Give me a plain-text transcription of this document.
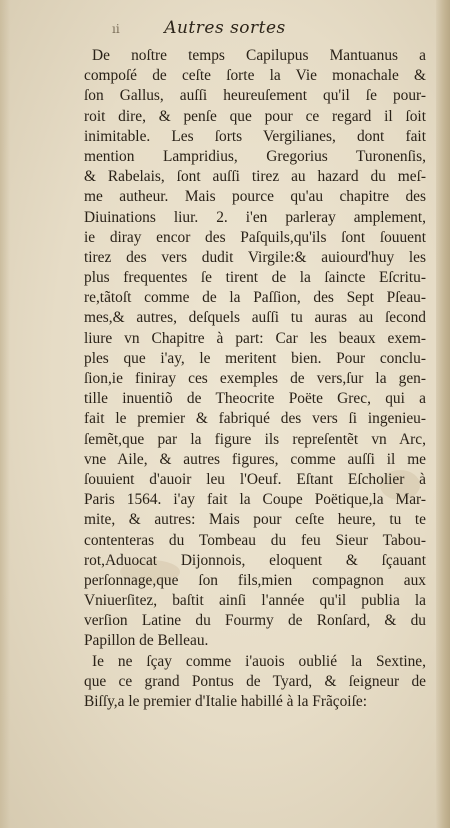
ıi	Autres sortes
De noſtre temps Capilupus Mantuanus a
compoſé de ceſte ſorte la Vie monachale &
ſon Gallus, auſſi heureuſement qu'il ſe pour-
roit dire, & penſe que pour ce regard il ſoit
inimitable. Les ſorts Vergilianes, dont fait
mention Lampridius, Gregorius Turonenſis,
& Rabelais, ſont auſſi tirez au hazard du meſ-
me autheur. Mais pource qu'au chapitre des
Diuinations liur. 2. i'en parleray amplement,
ie diray encor des Paſquils,qu'ils ſont ſouuent
tirez des vers dudit Virgile:& auiourd'huy les
plus frequentes ſe tirent de la ſaincte Eſcritu-
re,tãtoſt comme de la Paſſion, des Sept Pſeau-
mes,& autres, deſquels auſſi tu auras au ſecond
liure vn Chapitre à part: Car les beaux exem-
ples que i'ay, le meritent bien. Pour conclu-
ſion,ie finiray ces exemples de vers,ſur la gen-
tille inuentiõ de Theocrite Poëte Grec, qui a
fait le premier & fabriqué des vers ſi ingenieu-
ſemẽt,que par la figure ils repreſentẽt vn Arc,
vne Aile, & autres figures, comme auſſi il me
ſouuient d'auoir leu l'Oeuf. Eſtant Eſcholier à
Paris 1564. i'ay fait la Coupe Poëtique,la Mar-
mite, & autres: Mais pour ceſte heure, tu te
contenteras du Tombeau du feu Sieur Tabou-
rot,Aduocat Dijonnois, eloquent & ſçauant
perſonnage,que ſon fils,mien compagnon aux
Vniuerſitez, baſtit ainſi l'année qu'il publia la
verſion Latine du Fourmy de Ronſard, & du
Papillon de Belleau.
Ie ne ſçay comme i'auois oublié la Sextine,
que ce grand Pontus de Tyard, & ſeigneur de
Biſſy,a le premier d'Italie habillé à la Frãçoiſe:
